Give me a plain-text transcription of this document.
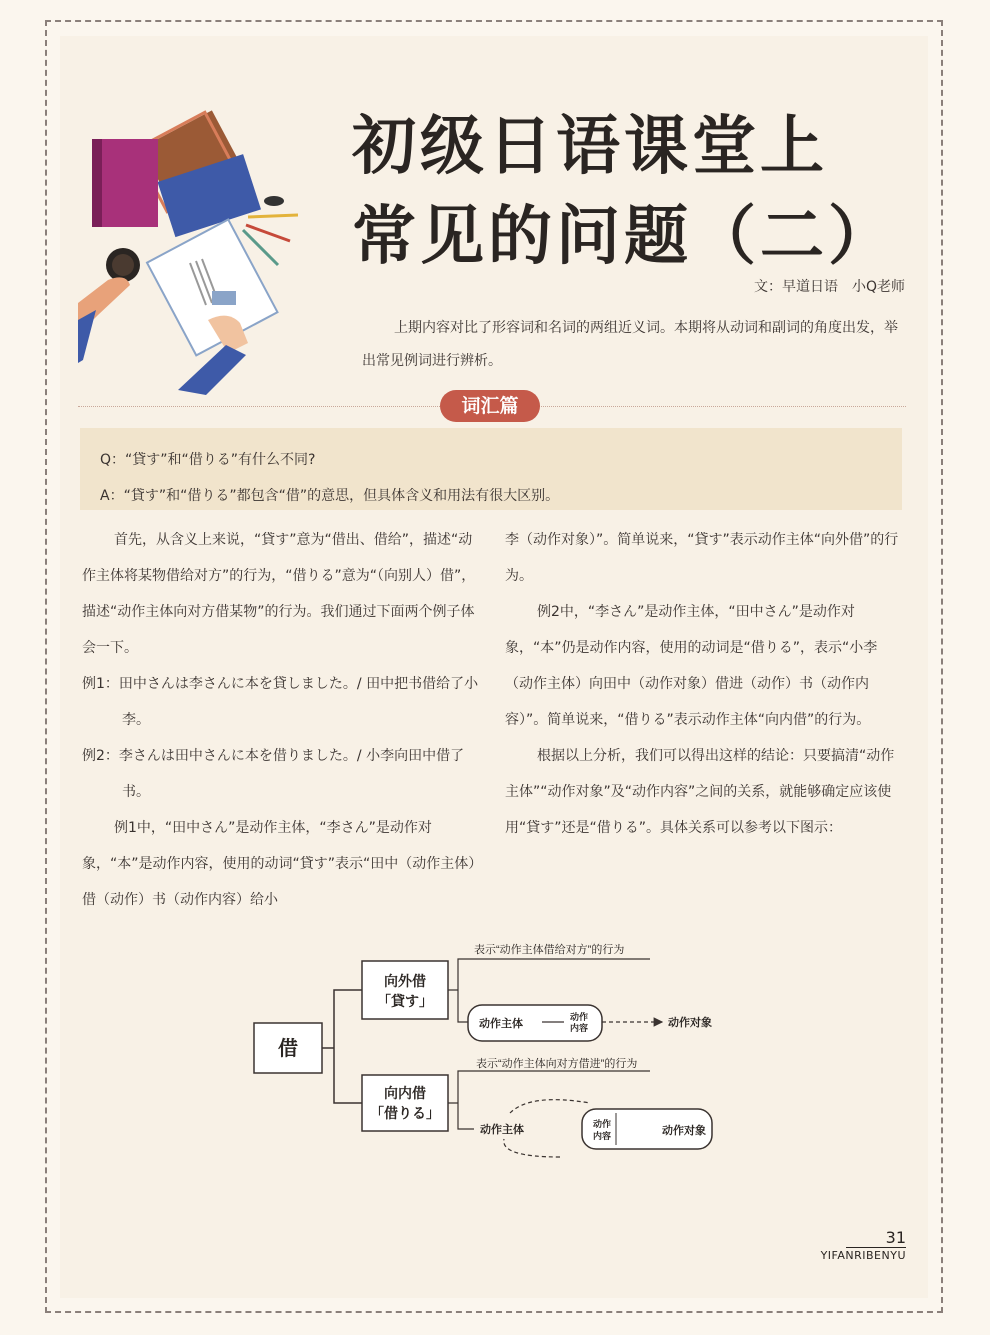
初级日语课堂上
常见的问题（二）
文：早道日语　小Q老师

上期内容对比了形容词和名词的两组近义词。本期将从动词和副词的角度出发，举出常见例词进行辨析。

词汇篇
Q：“貸す”和“借りる”有什么不同?
A：“貸す”和“借りる”都包含“借”的意思，但具体含义和用法有很大区别。

首先，从含义上来说，“貸す”意为“借出、借给”，描述“动作主体将某物借给对方”的行为，“借りる”意为“（向别人）借”，描述“动作主体向对方借某物”的行为。我们通过下面两个例子体会一下。

例1：田中さんは李さんに本を貸しました。/ 田中把书借给了小李。

例2：李さんは田中さんに本を借りました。/ 小李向田中借了书。

例1中，“田中さん”是动作主体，“李さん”是动作对象，“本”是动作内容，使用的动词“貸す”表示“田中（动作主体）借（动作）书（动作内容）给小

李（动作对象）”。简单说来，“貸す”表示动作主体“向外借”的行为。

例2中，“李さん”是动作主体，“田中さん”是动作对象，“本”仍是动作内容，使用的动词是“借りる”，表示“小李（动作主体）向田中（动作对象）借进（动作）书（动作内容）”。简单说来，“借りる”表示动作主体“向内借”的行为。

根据以上分析，我们可以得出这样的结论：只要搞清“动作主体”“动作对象”及“动作内容”之间的关系，就能够确定应该使用“貸す”还是“借りる”。具体关系可以参考以下图示：

借
向外借
「貸す」
表示“动作主体借给对方”的行为
动作主体
动作
内容	动作对象
向内借
「借りる」
表示“动作主体向对方借进”的行为
动作主体	动作
内容	动作对象
31
YIFANRIBENYU
